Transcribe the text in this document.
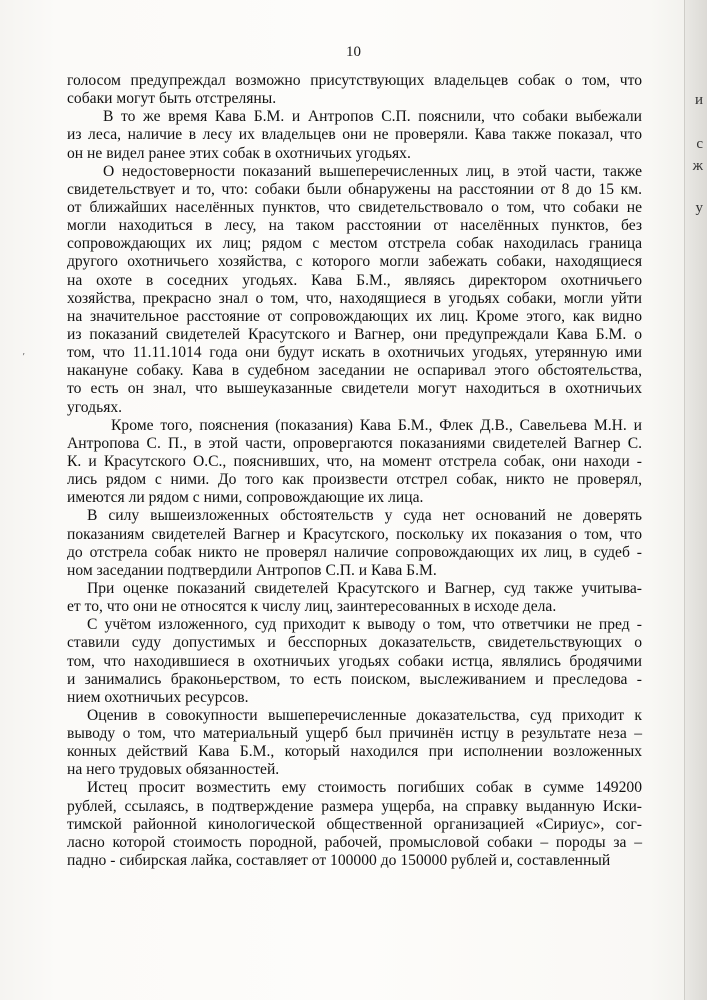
и
с
ж
у
’
10
голосом предупреждал возможно присутствующих владельцев собак о том, что
собаки могут быть отстреляны.
В то же время Кава Б.М. и Антропов С.П. пояснили, что собаки выбежали
из леса, наличие в лесу их владельцев они не проверяли. Кава также показал, что
он не видел ранее этих собак в охотничьих угодьях.
О недостоверности показаний вышеперечисленных лиц, в этой части, также
свидетельствует и то, что: собаки были обнаружены на расстоянии от 8 до 15 км.
от ближайших населённых пунктов, что свидетельствовало о том, что собаки не
могли находиться в лесу, на таком расстоянии от населённых пунктов, без
сопровождающих их лиц; рядом с местом отстрела собак находилась граница
другого охотничьего хозяйства, с которого могли забежать собаки, находящиеся
на охоте в соседних угодьях. Кава Б.М., являясь директором охотничьего
хозяйства, прекрасно знал о том, что, находящиеся в угодьях собаки, могли уйти
на значительное расстояние от сопровождающих их лиц. Кроме этого, как видно
из показаний свидетелей Красутского и Вагнер, они предупреждали Кава Б.М. о
том, что 11.11.1014 года они будут искать в охотничьих угодьях, утерянную ими
накануне собаку. Кава в судебном заседании не оспаривал этого обстоятельства,
то есть он знал, что вышеуказанные свидетели могут находиться в охотничьих
угодьях.
Кроме того, пояснения (показания) Кава Б.М., Флек Д.В., Савельева М.Н. и
Антропова С. П., в этой части, опровергаются показаниями свидетелей Вагнер С.
К. и Красутского О.С., пояснивших, что, на момент отстрела собак, они находи -
лись рядом с ними. До того как произвести отстрел собак, никто не проверял,
имеются ли рядом с ними, сопровождающие их лица.
В силу вышеизложенных обстоятельств у суда нет оснований не доверять
показаниям свидетелей Вагнер и Красутского, поскольку их показания о том, что
до отстрела собак никто не проверял наличие сопровождающих их лиц, в судеб -
ном заседании подтвердили Антропов С.П. и Кава Б.М.
При оценке показаний свидетелей Красутского и Вагнер, суд также учитыва-
ет то, что они не относятся к числу лиц, заинтересованных в исходе дела.
С учётом изложенного, суд приходит к выводу о том, что ответчики не пред -
ставили суду допустимых и бесспорных доказательств, свидетельствующих о
том, что находившиеся в охотничьих угодьях собаки истца, являлись бродячими
и занимались браконьерством, то есть поиском, выслеживанием и преследова -
нием охотничьих ресурсов.
Оценив в совокупности вышеперечисленные доказательства, суд приходит к
выводу о том, что материальный ущерб был причинён истцу в результате неза –
конных действий Кава Б.М., который находился при исполнении возложенных
на него трудовых обязанностей.
Истец просит возместить ему стоимость погибших собак в сумме 149200
рублей, ссылаясь, в подтверждение размера ущерба, на справку выданную Иски-
тимской районной кинологической общественной организацией «Сириус», сог-
ласно которой стоимость породной, рабочей, промысловой собаки – породы за –
падно - сибирская лайка, составляет от 100000 до 150000 рублей и, составленный
